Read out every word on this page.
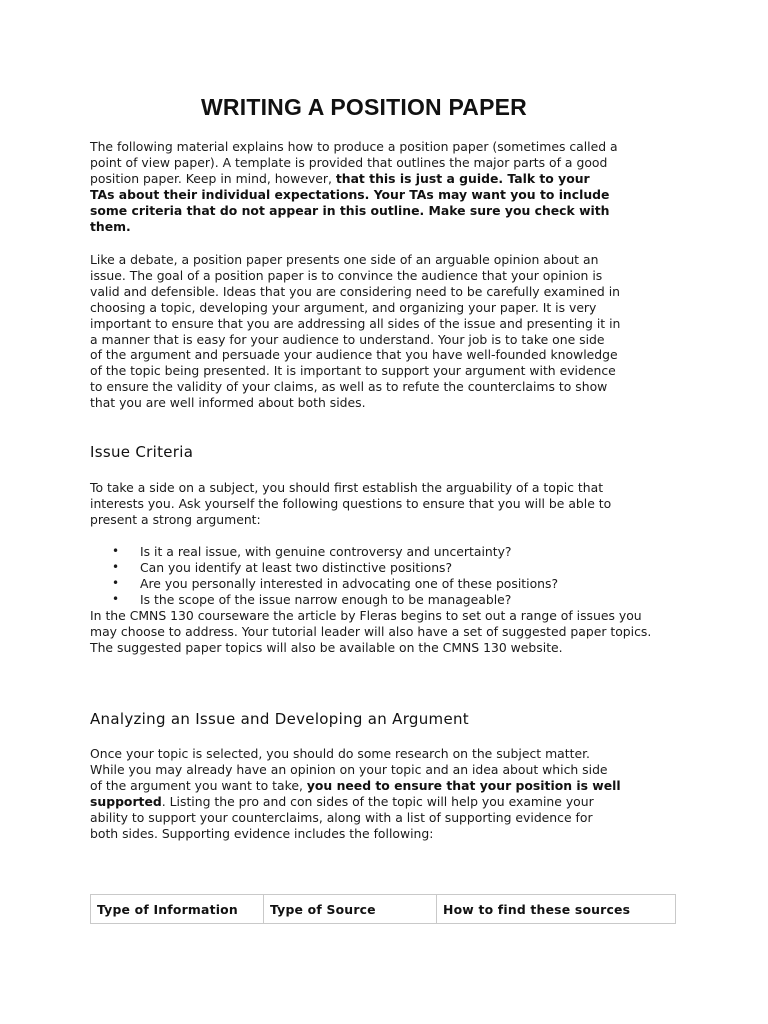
WRITING A POSITION PAPER
The following material explains how to produce a position paper (sometimes called a
point of view paper). A template is provided that outlines the major parts of a good
position paper. Keep in mind, however, that this is just a guide. Talk to your
TAs about their individual expectations. Your TAs may want you to include
some criteria that do not appear in this outline. Make sure you check with
them.
Like a debate, a position paper presents one side of an arguable opinion about an
issue. The goal of a position paper is to convince the audience that your opinion is
valid and defensible. Ideas that you are considering need to be carefully examined in
choosing a topic, developing your argument, and organizing your paper. It is very
important to ensure that you are addressing all sides of the issue and presenting it in
a manner that is easy for your audience to understand. Your job is to take one side
of the argument and persuade your audience that you have well-founded knowledge
of the topic being presented. It is important to support your argument with evidence
to ensure the validity of your claims, as well as to refute the counterclaims to show
that you are well informed about both sides.
Issue Criteria
To take a side on a subject, you should first establish the arguability of a topic that
interests you. Ask yourself the following questions to ensure that you will be able to
present a strong argument:
• Is it a real issue, with genuine controversy and uncertainty?
• Can you identify at least two distinctive positions?
• Are you personally interested in advocating one of these positions?
• Is the scope of the issue narrow enough to be manageable?
In the CMNS 130 courseware the article by Fleras begins to set out a range of issues you
may choose to address. Your tutorial leader will also have a set of suggested paper topics.
The suggested paper topics will also be available on the CMNS 130 website.
Analyzing an Issue and Developing an Argument
Once your topic is selected, you should do some research on the subject matter.
While you may already have an opinion on your topic and an idea about which side
of the argument you want to take, you need to ensure that your position is well
supported. Listing the pro and con sides of the topic will help you examine your
ability to support your counterclaims, along with a list of supporting evidence for
both sides. Supporting evidence includes the following:
Type of Information	Type of Source	How to find these sources
